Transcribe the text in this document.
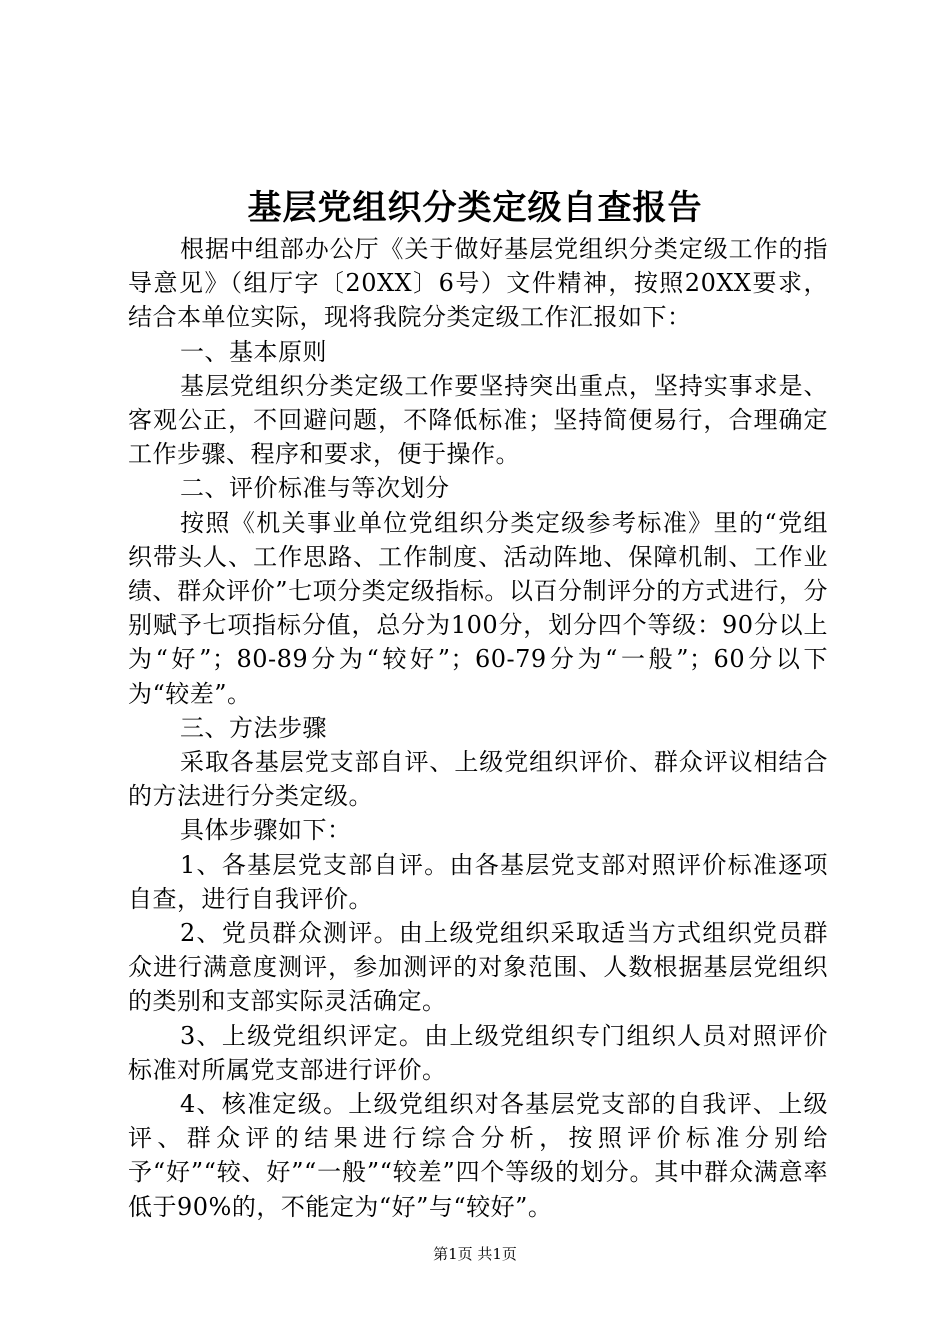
基层党组织分类定级自查报告

根据中组部办公厅《关于做好基层党组织分类定级工作的指导意见》（组厅字〔20XX〕6号）文件精神，按照20XX要求，结合本单位实际，现将我院分类定级工作汇报如下：

一、基本原则

基层党组织分类定级工作要坚持突出重点，坚持实事求是、客观公正，不回避问题，不降低标准；坚持简便易行，合理确定工作步骤、程序和要求，便于操作。

二、评价标准与等次划分

按照《机关事业单位党组织分类定级参考标准》里的“党组织带头人、工作思路、工作制度、活动阵地、保障机制、工作业绩、群众评价”七项分类定级指标。以百分制评分的方式进行，分别赋予七项指标分值，总分为100分，划分四个等级：90分以上为“好”；80-89分为“较好”；60-79分为“一般”；60分以下为“较差”。

三、方法步骤

采取各基层党支部自评、上级党组织评价、群众评议相结合的方法进行分类定级。

具体步骤如下：

1、各基层党支部自评。由各基层党支部对照评价标准逐项自查，进行自我评价。

2、党员群众测评。由上级党组织采取适当方式组织党员群众进行满意度测评，参加测评的对象范围、人数根据基层党组织的类别和支部实际灵活确定。

3、上级党组织评定。由上级党组织专门组织人员对照评价标准对所属党支部进行评价。

4、核准定级。上级党组织对各基层党支部的自我评、上级评、群众评的结果进行综合分析，按照评价标准分别给予“好”“较、好”“一般”“较差”四个等级的划分。其中群众满意率低于90%的，不能定为“好”与“较好”。

第1页 共1页
